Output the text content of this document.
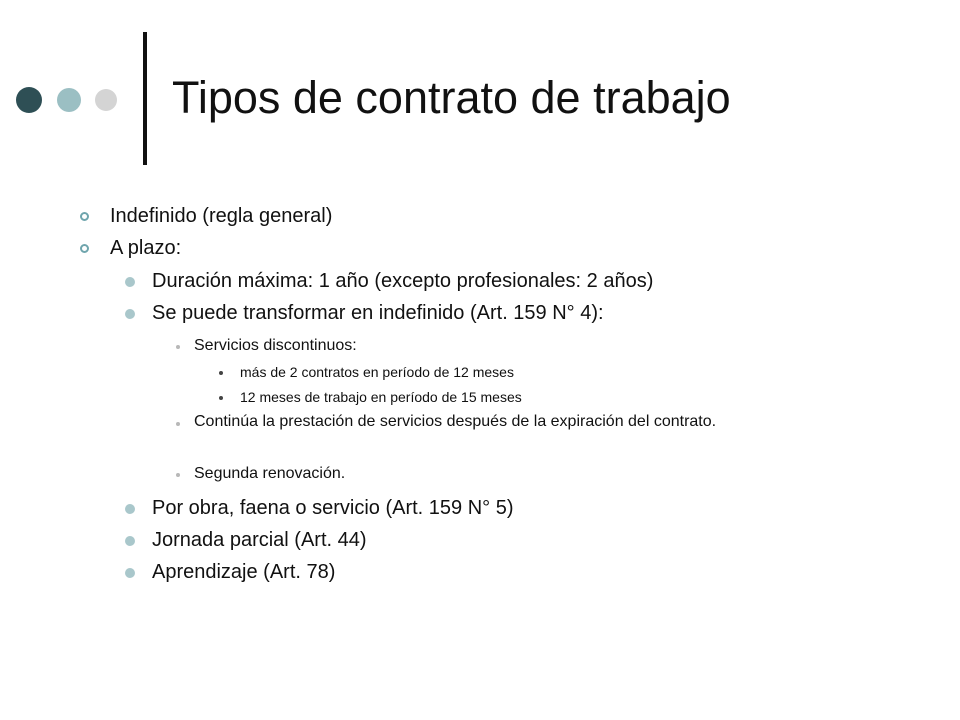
Tipos de contrato de trabajo
Indefinido (regla general)
A plazo:
Duración máxima: 1 año (excepto profesionales: 2 años)
Se puede transformar en indefinido (Art. 159 N° 4):
Servicios discontinuos:
más de 2 contratos en período de 12 meses
12 meses de trabajo en período de 15 meses
Continúa la prestación de servicios después de la expiración del contrato.
Segunda renovación.
Por obra, faena o servicio (Art. 159 N° 5)
Jornada parcial (Art. 44)
Aprendizaje (Art. 78)
